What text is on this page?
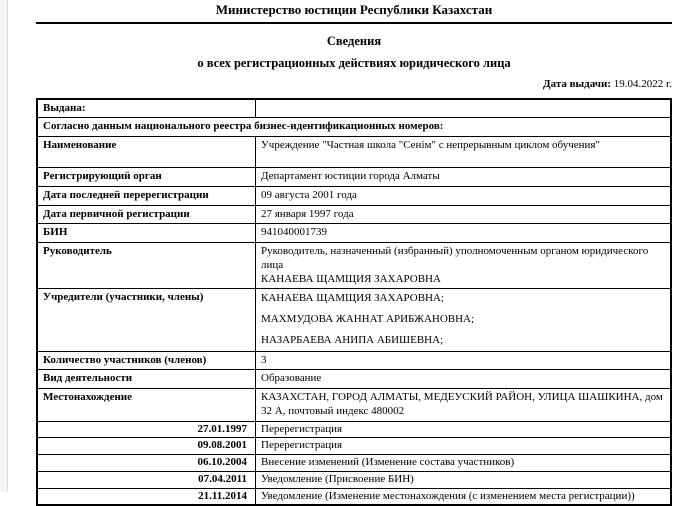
Министерство юстиции Республики Казахстан
Сведения
о всех регистрационных действиях юридического лица
Дата выдачи: 19.04.2022 г.
Выдана:	
Согласно данным национального реестра бизнес-идентификационных номеров:	
Наименование	Учреждение "Частная школа "Сенім" с непрерывным циклом обучения"
Регистрирующий орган	Департамент юстиции города Алматы
Дата последней перерегистрации	09 августа 2001 года
Дата первичной регистрации	27 января 1997 года
БИН	941040001739
Руководитель	Руководитель, назначенный (избранный) уполномоченным органом юридического лица
КАНАЕВА ЩАМЩИЯ ЗАХАРОВНА

Учредители (участники, члены)	КАНАЕВА ЩАМЩИЯ ЗАХАРОВНА;
МАХМУДОВА ЖАННАТ АРИБЖАНОВНА;
НАЗАРБАЕВА АНИПА АБИШЕВНА;

Количество участников (членов)	3
Вид деятельности	Образование
Местонахождение	КАЗАХСТАН, ГОРОД АЛМАТЫ, МЕДЕУСКИЙ РАЙОН, УЛИЦА ШАШКИНА, дом 32 А, почтовый индекс 480002
27.01.1997	Перерегистрация
09.08.2001	Перерегистрация
06.10.2004	Внесение изменений (Изменение состава участников)
07.04.2011	Уведомление (Присвоение БИН)
21.11.2014	Уведомление (Изменение местонахождения (с изменением места регистрации))
